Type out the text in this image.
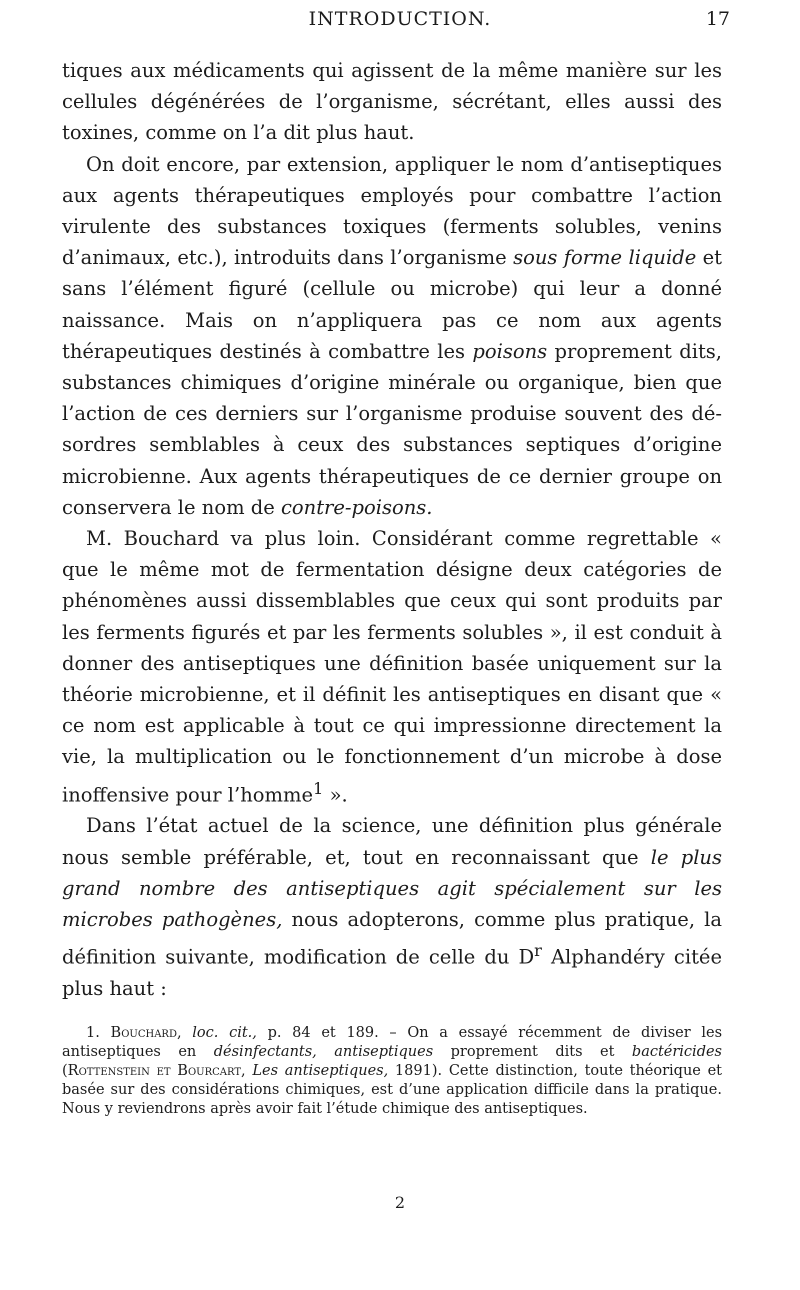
INTRODUCTION.	17

tiques aux médicaments qui agissent de la même manière sur les cellules dégénérées de l’organisme, sécrétant, elles aussi des toxines, comme on l’a dit plus haut.

On doit encore, par extension, appliquer le nom d’antiseptiques aux agents thérapeutiques employés pour combattre l’action virulente des substances toxiques (ferments solubles, venins d’animaux, etc.), introduits dans l’organisme sous forme liquide et sans l’élément figuré (cellule ou microbe) qui leur a donné naissance. Mais on n’appliquera pas ce nom aux agents thérapeutiques destinés à combattre les poisons proprement dits, substances chimiques d’origine minérale ou organique, bien que l’action de ces derniers sur l’organisme produise souvent des désordres semblables à ceux des substances septiques d’origine microbienne. Aux agents thérapeutiques de ce dernier groupe on conservera le nom de contre-poisons.

M. Bouchard va plus loin. Considérant comme regrettable « que le même mot de fermentation désigne deux catégories de phénomènes aussi dissemblables que ceux qui sont produits par les ferments figurés et par les ferments solubles », il est conduit à donner des antiseptiques une définition basée uniquement sur la théorie microbienne, et il définit les antiseptiques en disant que « ce nom est applicable à tout ce qui impressionne directement la vie, la multiplication ou le fonctionnement d’un microbe à dose inoffensive pour l’homme$^1$ ».

Dans l’état actuel de la science, une définition plus générale nous semble préférable, et, tout en reconnaissant que le plus grand nombre des antiseptiques agit spécialement sur les microbes pathogènes, nous adopterons, comme plus pratique, la définition suivante, modification de celle du $D^r$ Alphandéry citée plus haut :

1. Bouchard, loc. cit., p. 84 et 189. – On a essayé récemment de diviser les antiseptiques en désinfectants, antiseptiques proprement dits et bactéricides (Rottenstein et Bourcart, Les antiseptiques, 1891). Cette distinction, toute théorique et basée sur des considérations chimiques, est d’une application difficile dans la pratique. Nous y reviendrons après avoir fait l’étude chimique des antiseptiques.

2
